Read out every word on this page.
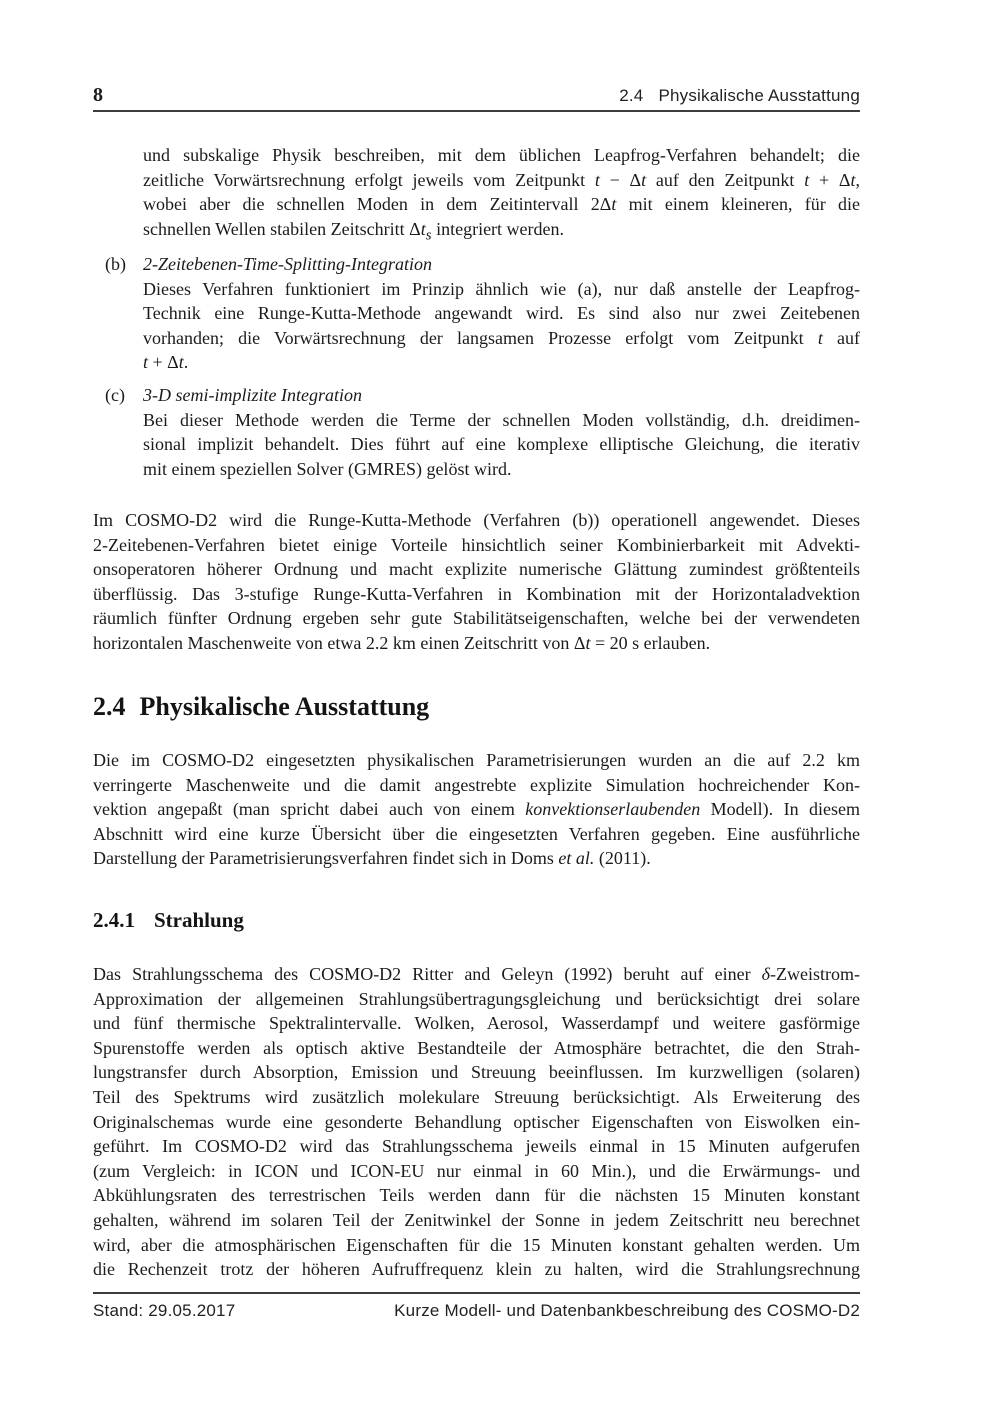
8	2.4 Physikalische Ausstattung
und subskalige Physik beschreiben, mit dem üblichen Leapfrog-Verfahren behandelt; die
zeitliche Vorwärtsrechnung erfolgt jeweils vom Zeitpunkt t − Δt auf den Zeitpunkt t + Δt,
wobei aber die schnellen Moden in dem Zeitintervall 2Δt mit einem kleineren, für die
schnellen Wellen stabilen Zeitschritt $\Delta t_s$ integriert werden.
(b) 2-Zeitebenen-Time-Splitting-Integration
Dieses Verfahren funktioniert im Prinzip ähnlich wie (a), nur daß anstelle der Leapfrog-
Technik eine Runge-Kutta-Methode angewandt wird. Es sind also nur zwei Zeitebenen
vorhanden; die Vorwärtsrechnung der langsamen Prozesse erfolgt vom Zeitpunkt t auf
t + Δt.
(c) 3-D semi-implizite Integration
Bei dieser Methode werden die Terme der schnellen Moden vollständig, d.h. dreidimen-
sional implizit behandelt. Dies führt auf eine komplexe elliptische Gleichung, die iterativ
mit einem speziellen Solver (GMRES) gelöst wird.
Im COSMO-D2 wird die Runge-Kutta-Methode (Verfahren (b)) operationell angewendet. Dieses
2-Zeitebenen-Verfahren bietet einige Vorteile hinsichtlich seiner Kombinierbarkeit mit Advekti-
onsoperatoren höherer Ordnung und macht explizite numerische Glättung zumindest größtenteils
überflüssig. Das 3-stufige Runge-Kutta-Verfahren in Kombination mit der Horizontaladvektion
räumlich fünfter Ordnung ergeben sehr gute Stabilitätseigenschaften, welche bei der verwendeten
horizontalen Maschenweite von etwa 2.2 km einen Zeitschritt von Δt = 20 s erlauben.
2.4 Physikalische Ausstattung
Die im COSMO-D2 eingesetzten physikalischen Parametrisierungen wurden an die auf 2.2 km
verringerte Maschenweite und die damit angestrebte explizite Simulation hochreichender Kon-
vektion angepaßt (man spricht dabei auch von einem konvektionserlaubenden Modell). In diesem
Abschnitt wird eine kurze Übersicht über die eingesetzten Verfahren gegeben. Eine ausführliche
Darstellung der Parametrisierungsverfahren findet sich in Doms et al. (2011).
2.4.1 Strahlung
Das Strahlungsschema des COSMO-D2 Ritter and Geleyn (1992) beruht auf einer δ-Zweistrom-
Approximation der allgemeinen Strahlungsübertragungsgleichung und berücksichtigt drei solare
und fünf thermische Spektralintervalle. Wolken, Aerosol, Wasserdampf und weitere gasförmige
Spurenstoffe werden als optisch aktive Bestandteile der Atmosphäre betrachtet, die den Strah-
lungstransfer durch Absorption, Emission und Streuung beeinflussen. Im kurzwelligen (solaren)
Teil des Spektrums wird zusätzlich molekulare Streuung berücksichtigt. Als Erweiterung des
Originalschemas wurde eine gesonderte Behandlung optischer Eigenschaften von Eiswolken ein-
geführt. Im COSMO-D2 wird das Strahlungsschema jeweils einmal in 15 Minuten aufgerufen
(zum Vergleich: in ICON und ICON-EU nur einmal in 60 Min.), und die Erwärmungs- und
Abkühlungsraten des terrestrischen Teils werden dann für die nächsten 15 Minuten konstant
gehalten, während im solaren Teil der Zenitwinkel der Sonne in jedem Zeitschritt neu berechnet
wird, aber die atmosphärischen Eigenschaften für die 15 Minuten konstant gehalten werden. Um
die Rechenzeit trotz der höheren Aufruffrequenz klein zu halten, wird die Strahlungsrechnung
Stand: 29.05.2017	Kurze Modell- und Datenbankbeschreibung des COSMO-D2
